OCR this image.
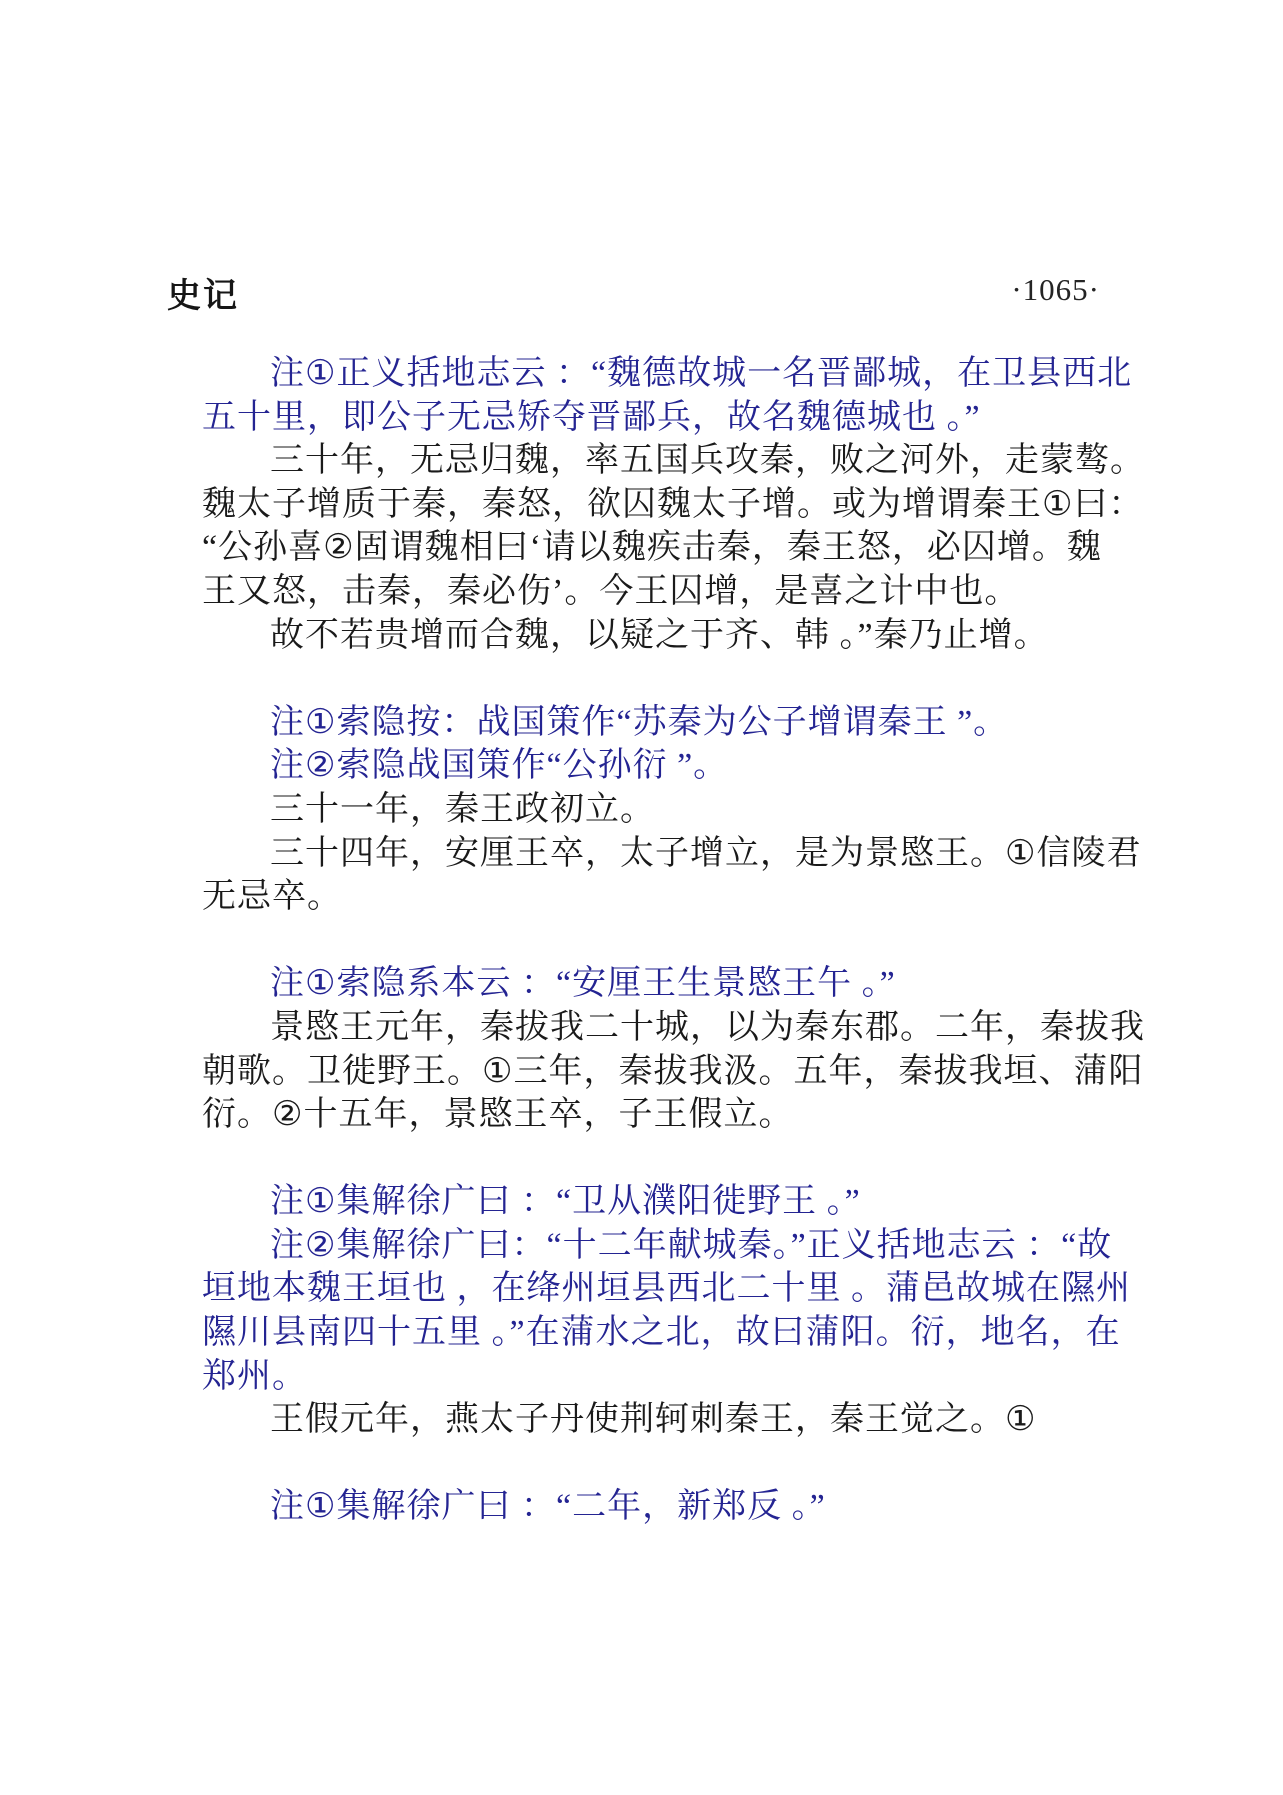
史记	·1065·
注①正义括地志云 ：“魏德故城一名晋鄙城，在卫县西北
五十里，即公子无忌矫夺晋鄙兵，故名魏德城也 。”
三十年，无忌归魏，率五国兵攻秦，败之河外，走蒙骜。
魏太子增质于秦，秦怒，欲囚魏太子增。或为增谓秦王①曰：
“公孙喜②固谓魏相曰‘请以魏疾击秦，秦王怒，必囚增。魏
王又怒，击秦，秦必伤’。今王囚增，是喜之计中也。
故不若贵增而合魏，以疑之于齐、韩 。”秦乃止增。
注①索隐按：战国策作“苏秦为公子增谓秦王 ”。
注②索隐战国策作“公孙衍 ”。
三十一年，秦王政初立。
三十四年，安厘王卒，太子增立，是为景愍王。①信陵君
无忌卒。
注①索隐系本云 ：“安厘王生景愍王午 。”
景愍王元年，秦拔我二十城，以为秦东郡。二年，秦拔我
朝歌。卫徙野王。①三年，秦拔我汲。五年，秦拔我垣、蒲阳
衍。②十五年，景愍王卒，子王假立。
注①集解徐广曰 ：“卫从濮阳徙野王 。”
注②集解徐广曰：“十二年献城秦。”正义括地志云 ：“故
垣地本魏王垣也 ，在绛州垣县西北二十里 。蒲邑故城在隰州
隰川县南四十五里 。”在蒲水之北，故曰蒲阳。衍，地名，在
郑州。
王假元年，燕太子丹使荆轲刺秦王，秦王觉之。①
注①集解徐广曰 ：“二年，新郑反 。”
